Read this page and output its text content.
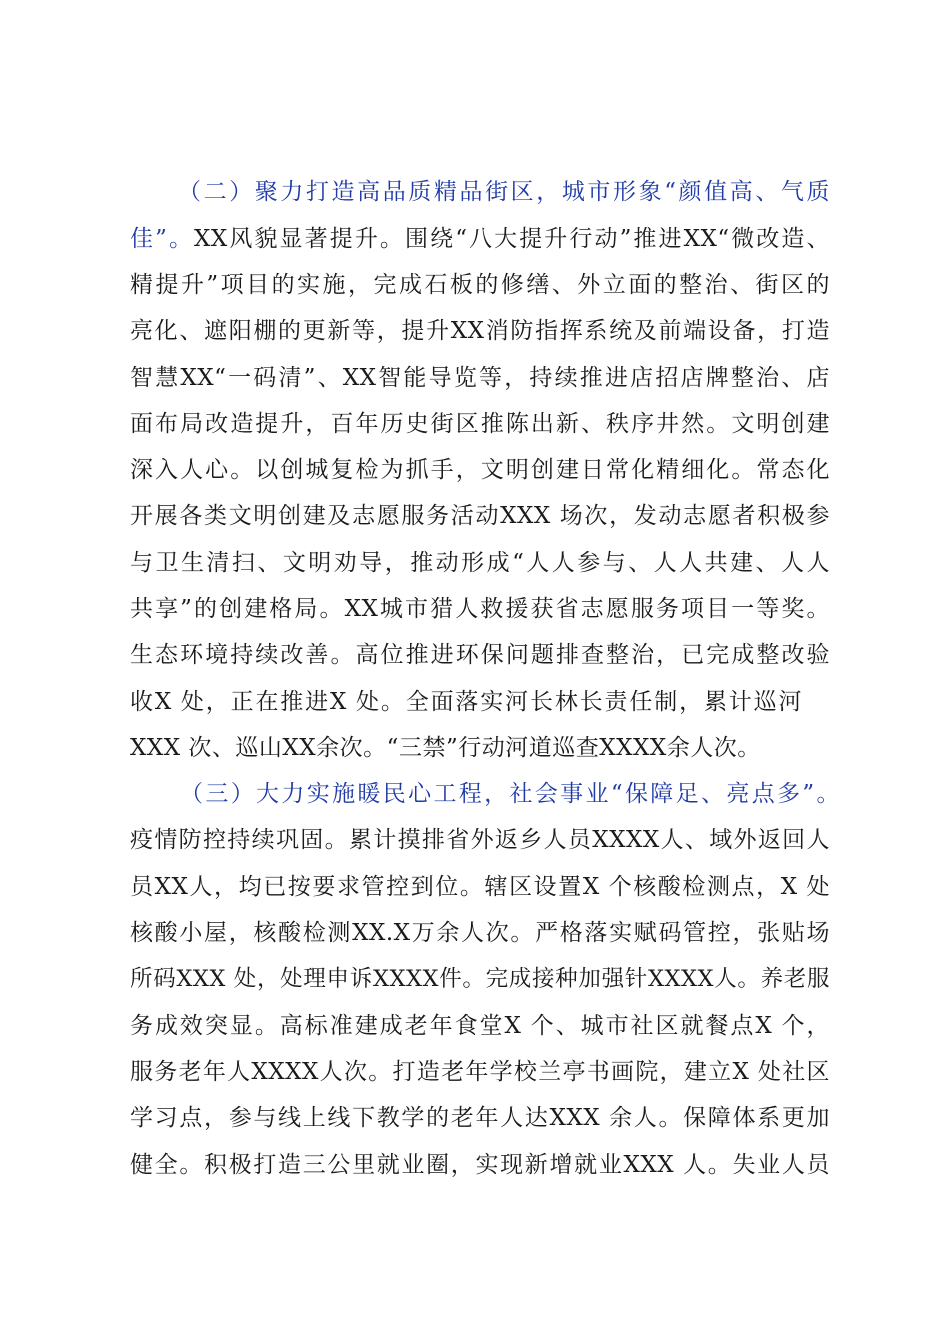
（二）聚力打造高品质精品街区，城市形象“颜值高、气质
佳”。XX风貌显著提升。围绕“八大提升行动”推进XX“微改造、
精提升”项目的实施，完成石板的修缮、外立面的整治、街区的
亮化、遮阳棚的更新等，提升XX消防指挥系统及前端设备，打造
智慧XX“一码清”、XX智能导览等，持续推进店招店牌整治、店
面布局改造提升，百年历史街区推陈出新、秩序井然。文明创建
深入人心。以创城复检为抓手，文明创建日常化精细化。常态化
开展各类文明创建及志愿服务活动XXX 场次，发动志愿者积极参
与卫生清扫、文明劝导，推动形成“人人参与、人人共建、人人
共享”的创建格局。XX城市猎人救援获省志愿服务项目一等奖。
生态环境持续改善。高位推进环保问题排查整治，已完成整改验
收X 处，正在推进X 处。全面落实河长林长责任制，累计巡河
XXX 次、巡山XX余次。“三禁”行动河道巡查XXXX余人次。
（三）大力实施暖民心工程，社会事业“保障足、亮点多”。
疫情防控持续巩固。累计摸排省外返乡人员XXXX人、域外返回人
员XX人，均已按要求管控到位。辖区设置X 个核酸检测点，X 处
核酸小屋，核酸检测XX.X万余人次。严格落实赋码管控，张贴场
所码XXX 处，处理申诉XXXX件。完成接种加强针XXXX人。养老服
务成效突显。高标准建成老年食堂X 个、城市社区就餐点X 个，
服务老年人XXXX人次。打造老年学校兰亭书画院，建立X 处社区
学习点，参与线上线下教学的老年人达XXX 余人。保障体系更加
健全。积极打造三公里就业圈，实现新增就业XXX 人。失业人员
